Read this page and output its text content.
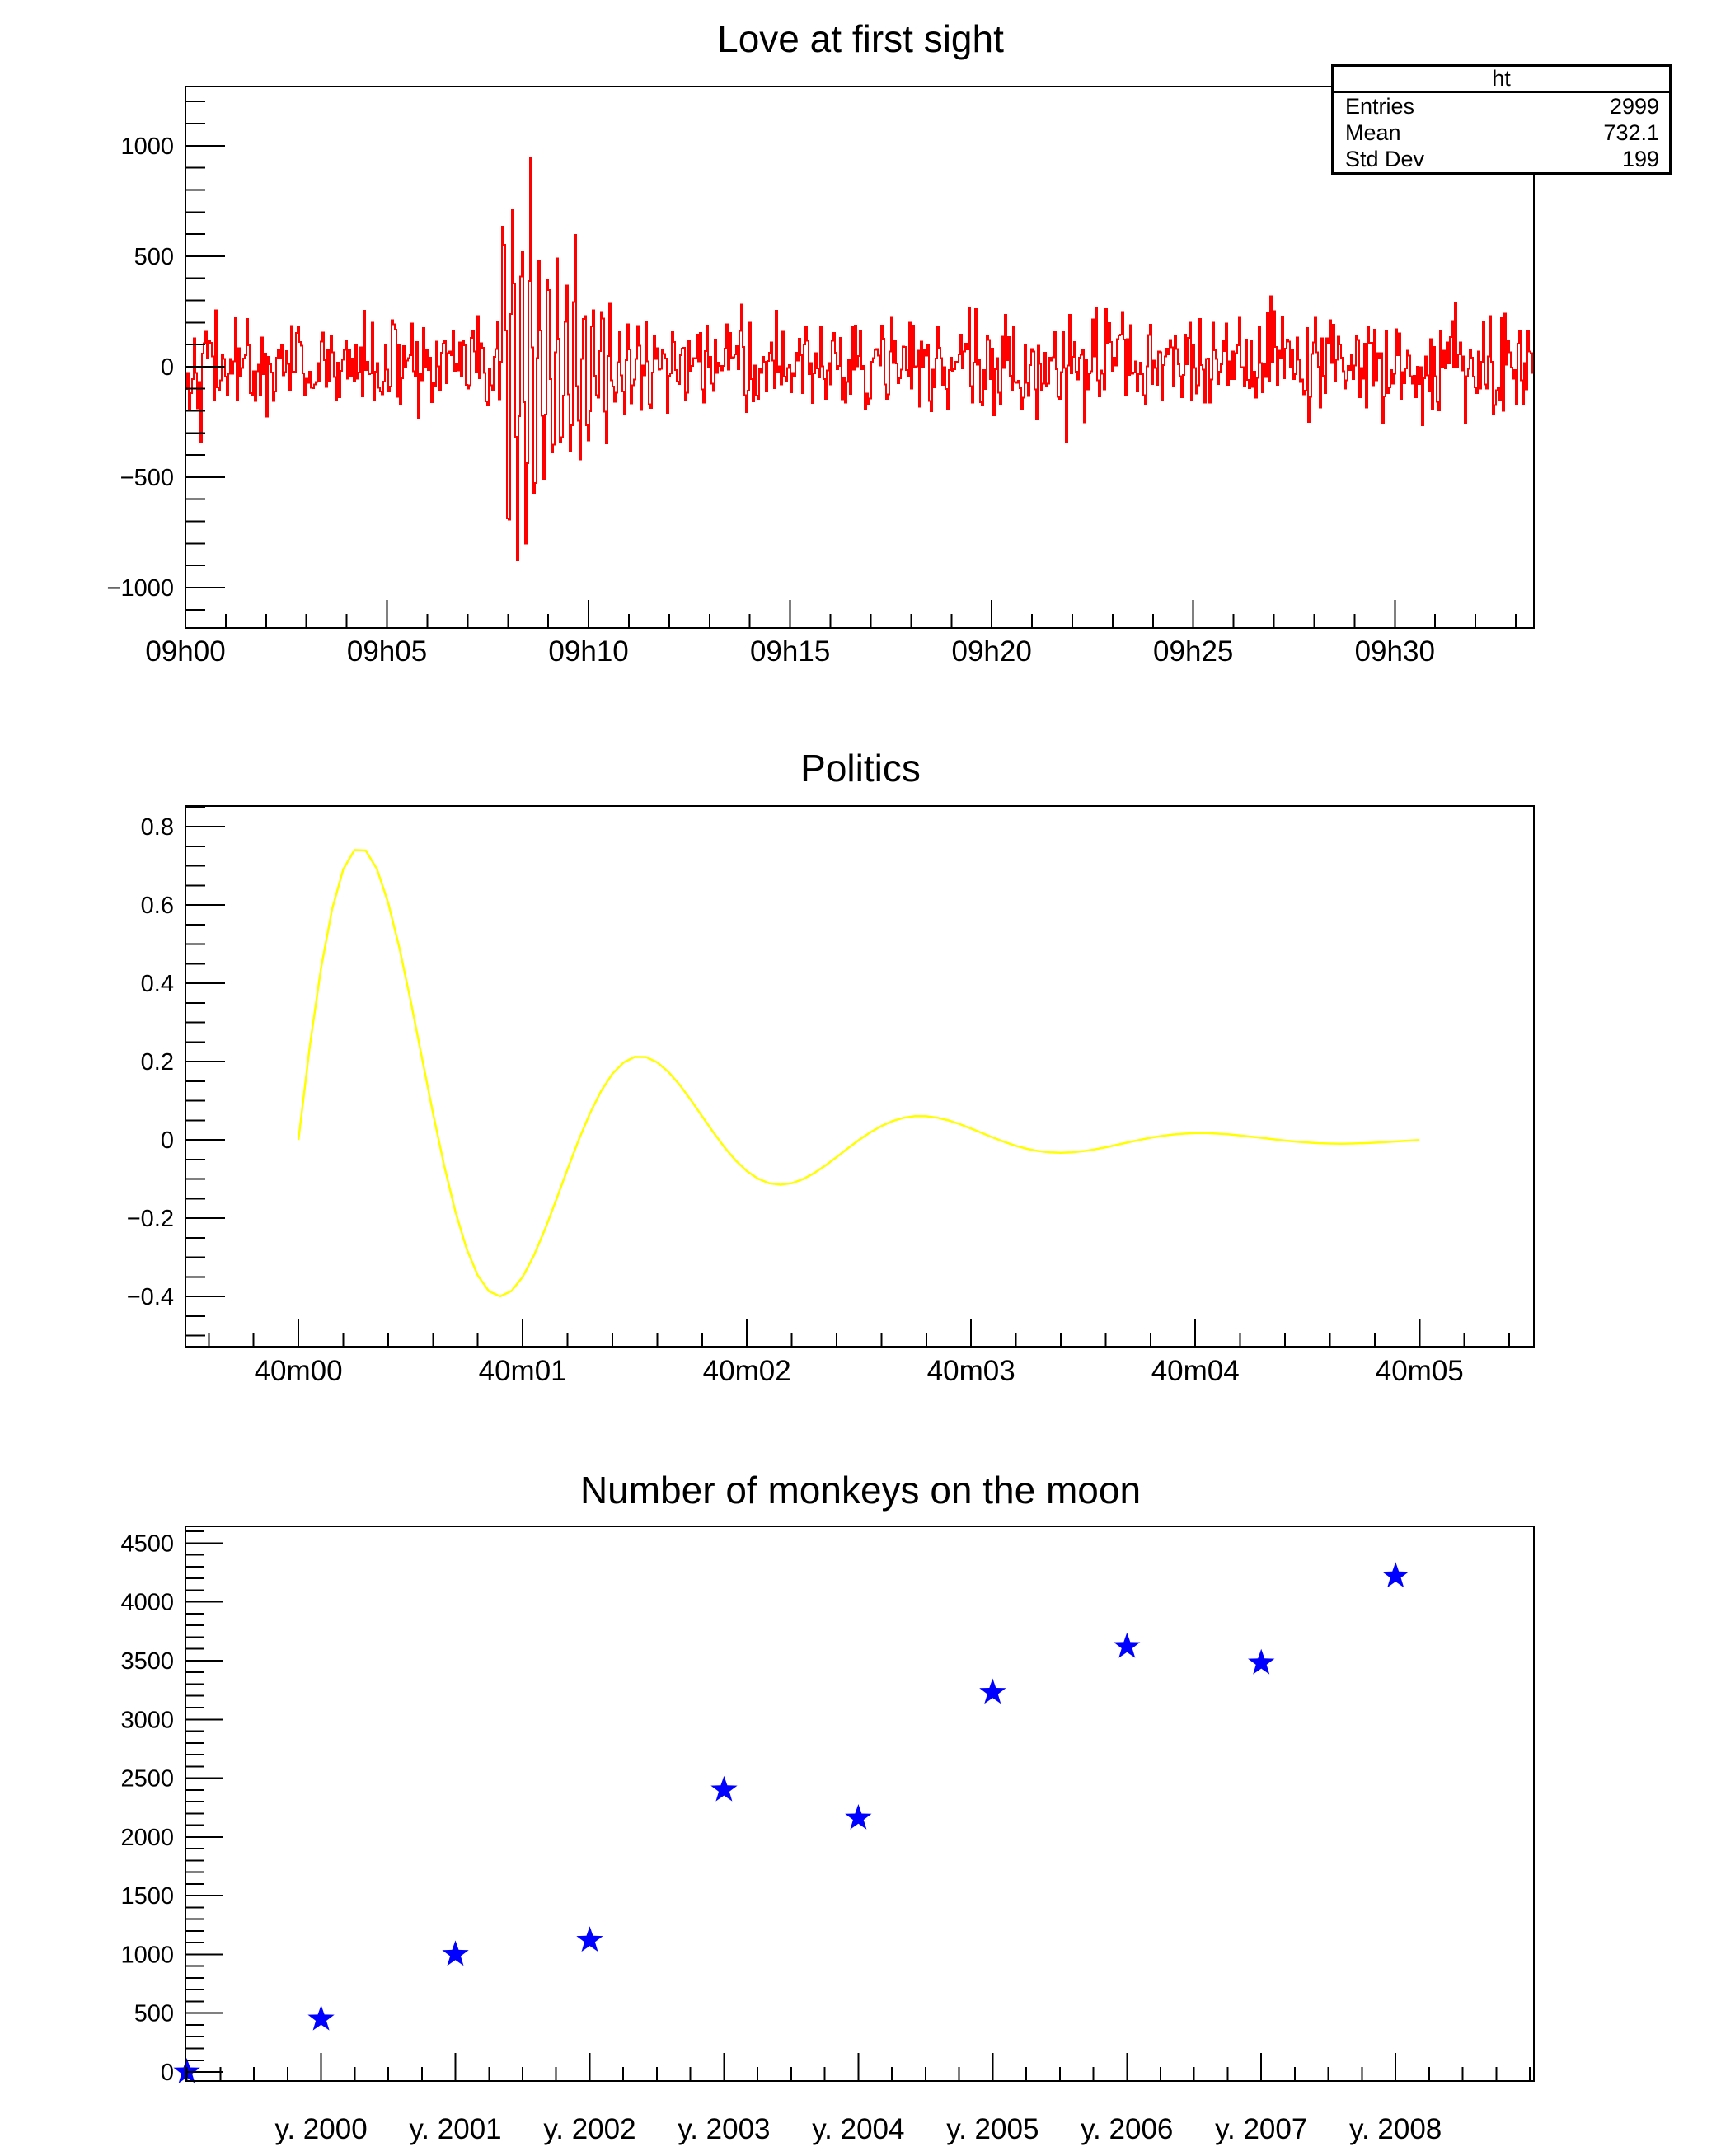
09h00	09h05	09h10	09h15	09h20	09h25	09h30
1000
500
0
−500
−1000
40m00	40m01	40m02	40m03	40m04	40m05
0.8
0.6
0.4
0.2
0
−0.2
−0.4
y. 2000 y. 2001 y. 2002 y. 2003 y. 2004 y. 2005 y. 2006 y. 2007 y. 2008
4500
4000
3500
3000
2500
2000
1500
1000
500
0
Love at first sight
Politics
Number of monkeys on the moon
ht
Entries	2999
Mean	732.1
Std Dev	199
